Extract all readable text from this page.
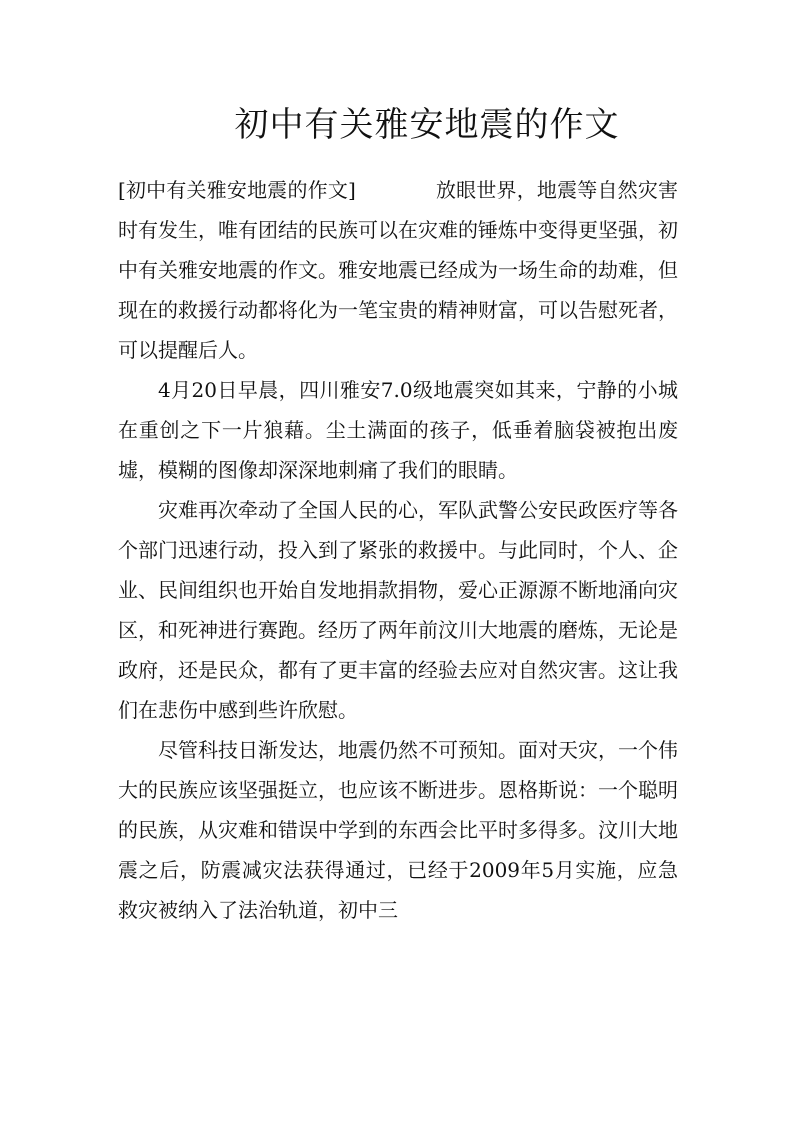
初中有关雅安地震的作文

[初中有关雅安地震的作文]	放眼世界，地震等自然灾害时有发生，唯有团结的民族可以在灾难的锤炼中变得更坚强，初中有关雅安地震的作文。雅安地震已经成为一场生命的劫难，但现在的救援行动都将化为一笔宝贵的精神财富，可以告慰死者，可以提醒后人。

4月20日早晨，四川雅安7.0级地震突如其来，宁静的小城在重创之下一片狼藉。尘土满面的孩子，低垂着脑袋被抱出废墟，模糊的图像却深深地刺痛了我们的眼睛。

灾难再次牵动了全国人民的心，军队武警公安民政医疗等各个部门迅速行动，投入到了紧张的救援中。与此同时，个人、企业、民间组织也开始自发地捐款捐物，爱心正源源不断地涌向灾区，和死神进行赛跑。经历了两年前汶川大地震的磨炼，无论是政府，还是民众，都有了更丰富的经验去应对自然灾害。这让我们在悲伤中感到些许欣慰。

尽管科技日渐发达，地震仍然不可预知。面对天灾，一个伟大的民族应该坚强挺立，也应该不断进步。恩格斯说：一个聪明的民族，从灾难和错误中学到的东西会比平时多得多。汶川大地震之后，防震减灾法获得通过，已经于2009年5月实施，应急救灾被纳入了法治轨道，初中三
